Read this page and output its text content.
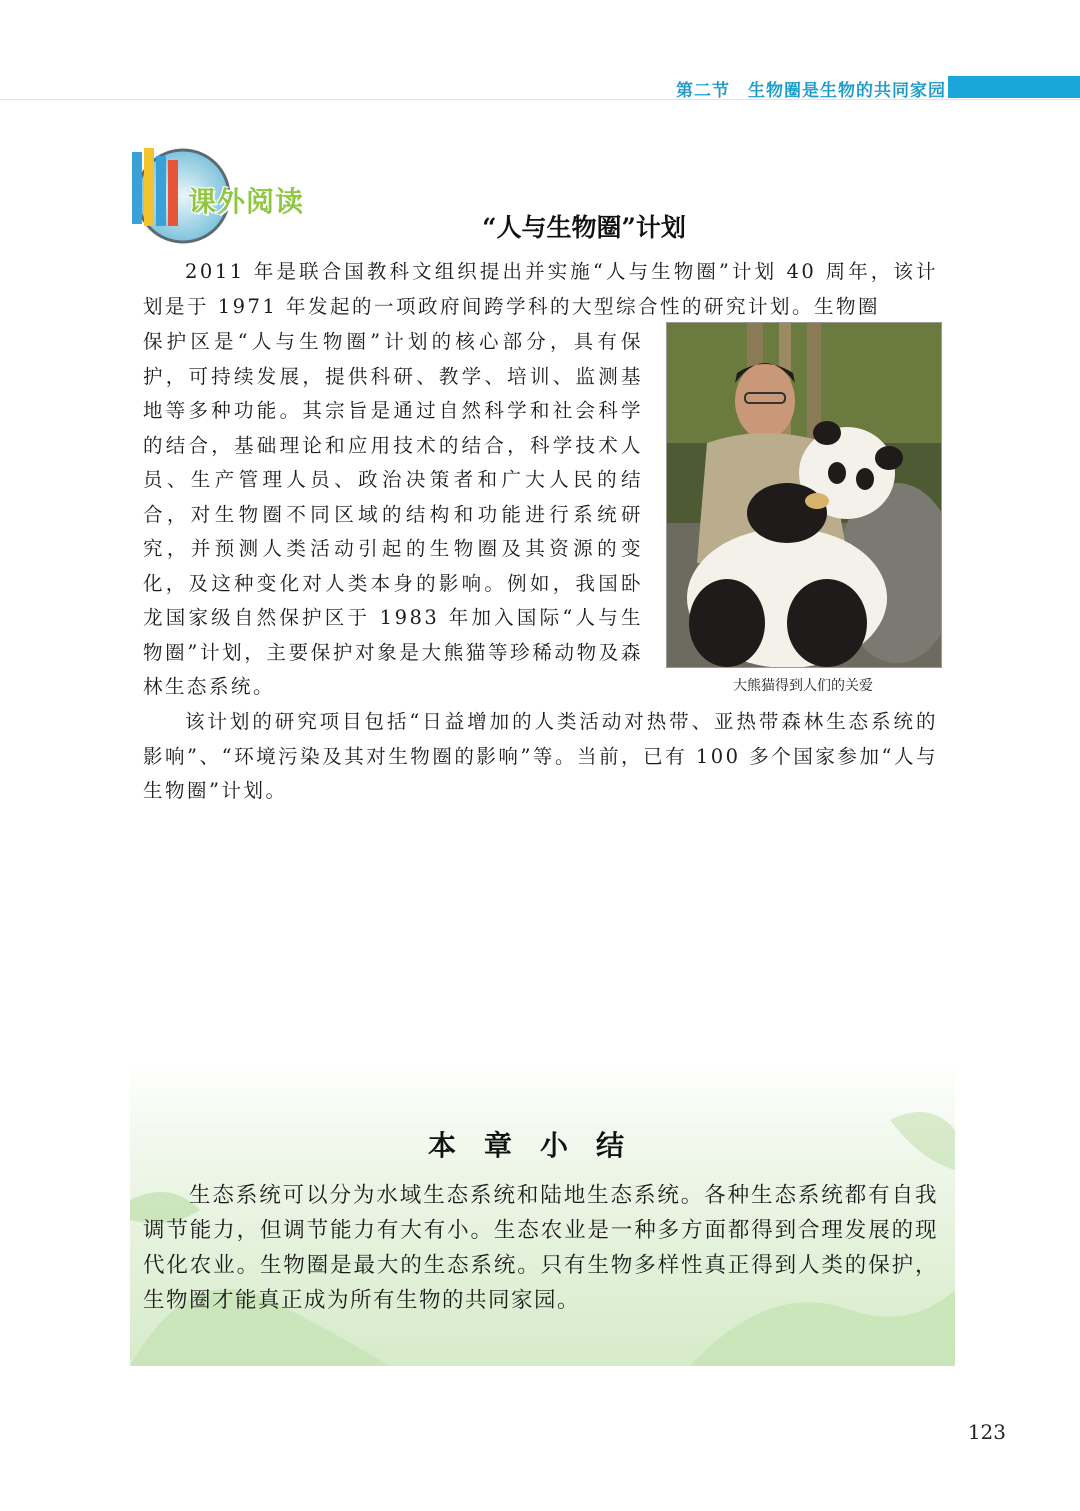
第二节 生物圈是生物的共同家园
课外阅读
“人与生物圈”计划

2011 年是联合国教科文组织提出并实施“人与生物圈”计划 40 周年，该计划是于 1971 年发起的一项政府间跨学科的大型综合性的研究计划。生物圈

保护区是“人与生物圈”计划的核心部分，具有保护，可持续发展，提供科研、教学、培训、监测基地等多种功能。其宗旨是通过自然科学和社会科学的结合，基础理论和应用技术的结合，科学技术人员、生产管理人员、政治决策者和广大人民的结合，对生物圈不同区域的结构和功能进行系统研究，并预测人类活动引起的生物圈及其资源的变化，及这种变化对人类本身的影响。例如，我国卧龙国家级自然保护区于 1983 年加入国际“人与生物圈”计划，主要保护对象是大熊猫等珍稀动物及森林生态系统。	大熊猫得到人们的关爱

该计划的研究项目包括“日益增加的人类活动对热带、亚热带森林生态系统的影响”、“环境污染及其对生物圈的影响”等。当前，已有 100 多个国家参加“人与生物圈”计划。

本章小结

生态系统可以分为水域生态系统和陆地生态系统。各种生态系统都有自我调节能力，但调节能力有大有小。生态农业是一种多方面都得到合理发展的现代化农业。生物圈是最大的生态系统。只有生物多样性真正得到人类的保护，生物圈才能真正成为所有生物的共同家园。

123
